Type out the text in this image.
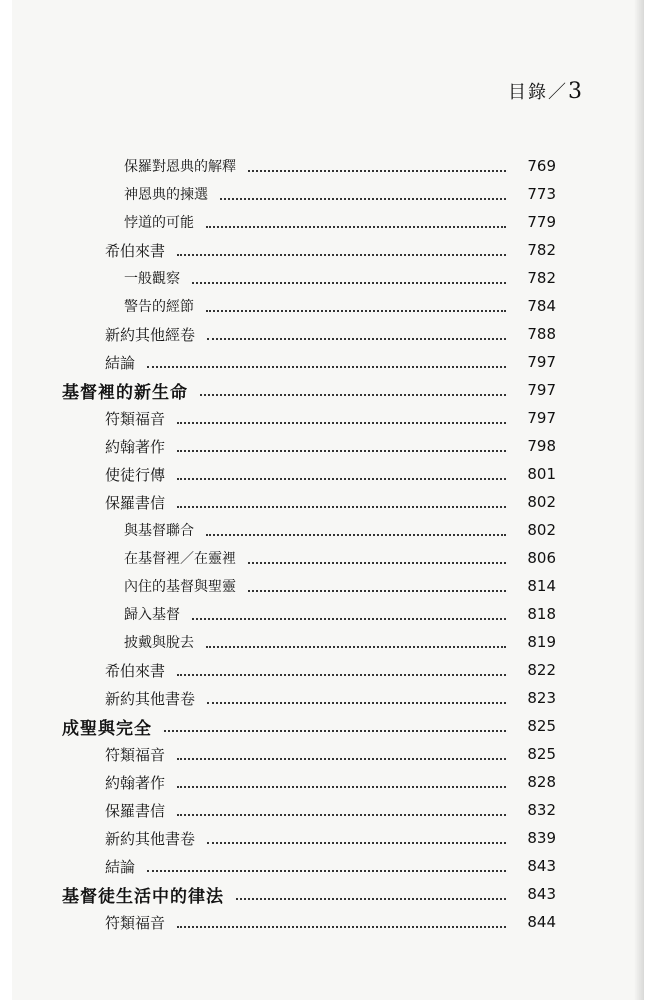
目錄／3
保羅對恩典的解釋	769
神恩典的揀選	773
悖道的可能	779
希伯來書	782
一般觀察	782
警告的經節	784
新約其他經卷	788
結論	797
基督裡的新生命	797
符類福音	797
約翰著作	798
使徒行傳	801
保羅書信	802
與基督聯合	802
在基督裡／在靈裡	806
內住的基督與聖靈	814
歸入基督	818
披戴與脫去	819
希伯來書	822
新約其他書卷	823
成聖與完全	825
符類福音	825
約翰著作	828
保羅書信	832
新約其他書卷	839
結論	843
基督徒生活中的律法	843
符類福音	844
